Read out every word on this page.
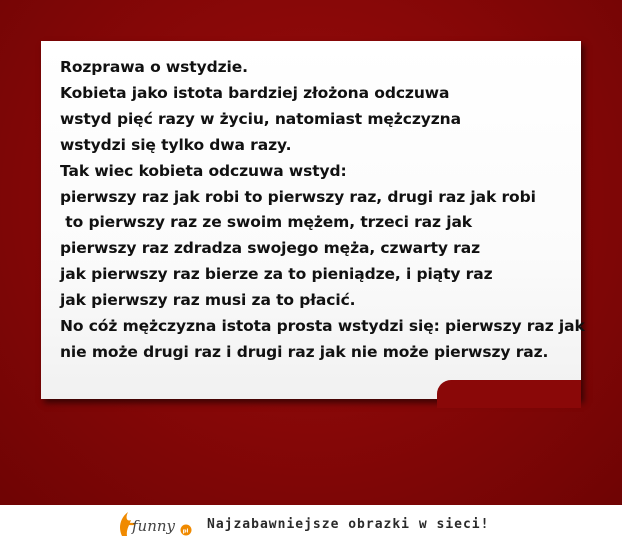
Rozprawa o wstydzie.
Kobieta jako istota bardziej złożona odczuwa
wstyd pięć razy w życiu, natomiast mężczyzna
wstydzi się tylko dwa razy.
Tak wiec kobieta odczuwa wstyd:
pierwszy raz jak robi to pierwszy raz, drugi raz jak robi
to pierwszy raz ze swoim mężem, trzeci raz jak
pierwszy raz zdradza swojego męża, czwarty raz
jak pierwszy raz bierze za to pieniądze, i piąty raz
jak pierwszy raz musi za to płacić.
No cóż mężczyzna istota prosta wstydzi się: pierwszy raz jak
nie może drugi raz i drugi raz jak nie może pierwszy raz.
funny pl Najzabawniejsze obrazki w sieci!
